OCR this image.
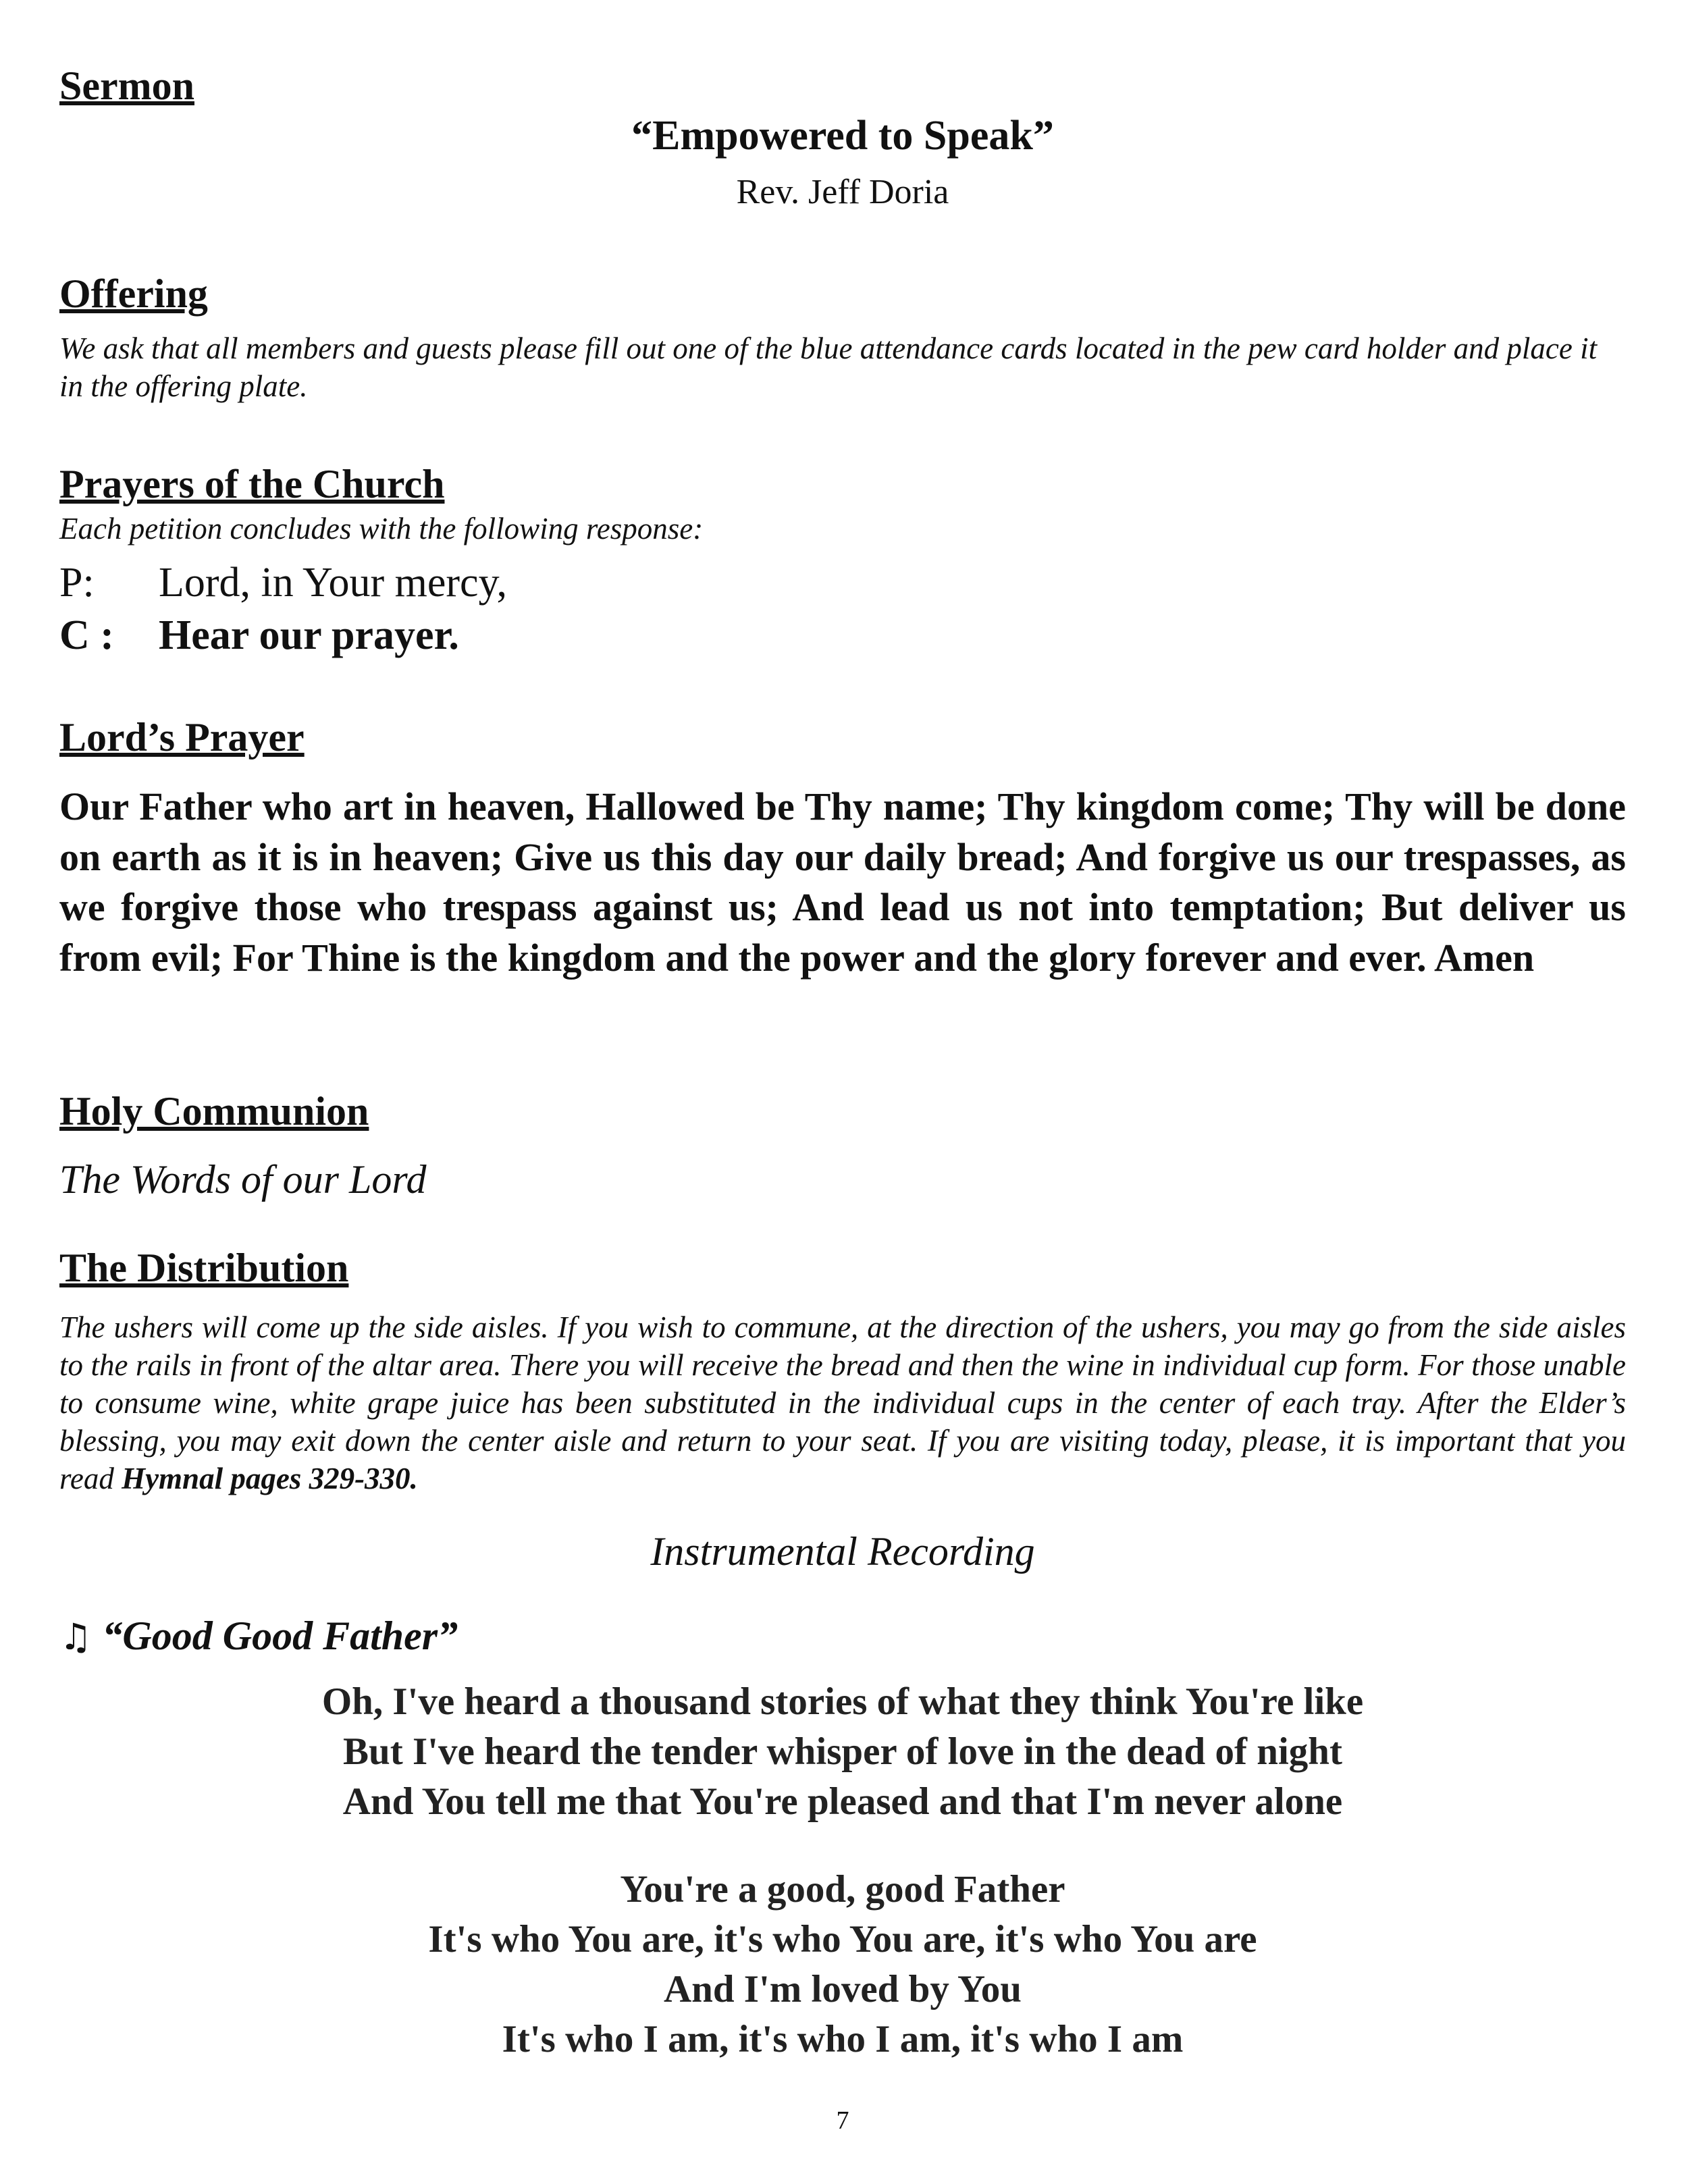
Sermon
“Empowered to Speak”
Rev. Jeff Doria
Offering
We ask that all members and guests please fill out one of the blue attendance cards located in the pew card holder and place it in the offering plate.
Prayers of the Church
Each petition concludes with the following response:
P: Lord, in Your mercy,
C : Hear our prayer.
Lord’s Prayer
Our Father who art in heaven, Hallowed be Thy name; Thy kingdom come; Thy will be done on earth as it is in heaven; Give us this day our daily bread; And forgive us our trespasses, as we forgive those who trespass against us; And lead us not into temptation; But deliver us from evil; For Thine is the kingdom and the power and the glory forever and ever. Amen
Holy Communion
The Words of our Lord
The Distribution
The ushers will come up the side aisles. If you wish to commune, at the direction of the ushers, you may go from the side aisles to the rails in front of the altar area. There you will receive the bread and then the wine in individual cup form. For those unable to consume wine, white grape juice has been substituted in the individual cups in the center of each tray. After the Elder’s blessing, you may exit down the center aisle and return to your seat. If you are visiting today, please, it is important that you read Hymnal pages 329-330.
Instrumental Recording
♫ “Good Good Father”
Oh, I've heard a thousand stories of what they think You're like
But I've heard the tender whisper of love in the dead of night
And You tell me that You're pleased and that I'm never alone
You're a good, good Father
It's who You are, it's who You are, it's who You are
And I'm loved by You
It's who I am, it's who I am, it's who I am
7
